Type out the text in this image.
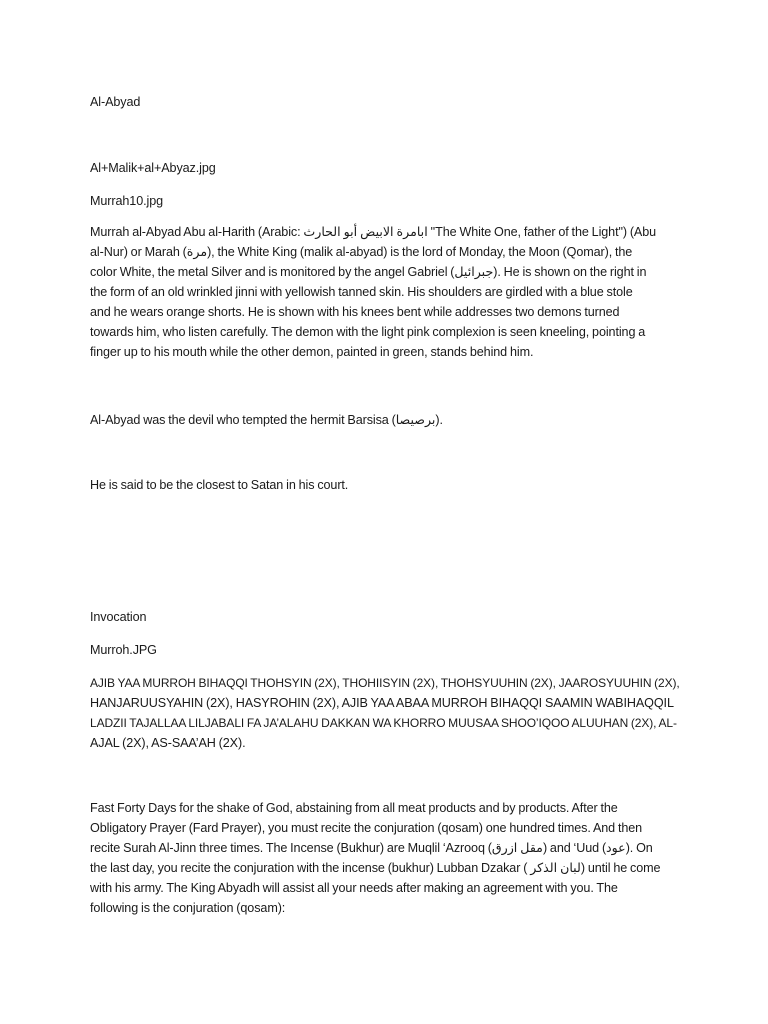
Al-Abyad

Al+Malik+al+Abyaz.jpg

Murrah10.jpg

Murrah al-Abyad Abu al-Harith (Arabic: ابامرة الابيض أبو الحارث "The White One, father of the Light") (Abu
al-Nur) or Marah (مرة), the White King (malik al-abyad) is the lord of Monday, the Moon (Qomar), the
color White, the metal Silver and is monitored by the angel Gabriel (جبرائيل). He is shown on the right in
the form of an old wrinkled jinni with yellowish tanned skin. His shoulders are girdled with a blue stole
and he wears orange shorts. He is shown with his knees bent while addresses two demons turned
towards him, who listen carefully. The demon with the light pink complexion is seen kneeling, pointing a
finger up to his mouth while the other demon, painted in green, stands behind him.

Al-Abyad was the devil who tempted the hermit Barsisa (برصيصا).

He is said to be the closest to Satan in his court.

Invocation

Murroh.JPG

AJIB YAA MURROH BIHAQQI THOHSYIN (2X), THOHIISYIN (2X), THOHSYUUHIN (2X), JAAROSYUUHIN (2X),
HANJARUUSYAHIN (2X), HASYROHIN (2X), AJIB YAA ABAA MURROH BIHAQQI SAAMIN WABIHAQQIL
LADZII TAJALLAA LILJABALI FA JA’ALAHU DAKKAN WA KHORRO MUUSAA SHOO’IQOO ALUUHAN (2X), AL-
AJAL (2X), AS-SAA’AH (2X).

Fast Forty Days for the shake of God, abstaining from all meat products and by products. After the
Obligatory Prayer (Fard Prayer), you must recite the conjuration (qosam) one hundred times. And then
recite Surah Al-Jinn three times. The Incense (Bukhur) are Muqlil ‘Azrooq (مقل ازرق) and ‘Uud (عود). On
the last day, you recite the conjuration with the incense (bukhur) Lubban Dzakar ( لبان الذكر) until he come
with his army. The King Abyadh will assist all your needs after making an agreement with you. The
following is the conjuration (qosam):
